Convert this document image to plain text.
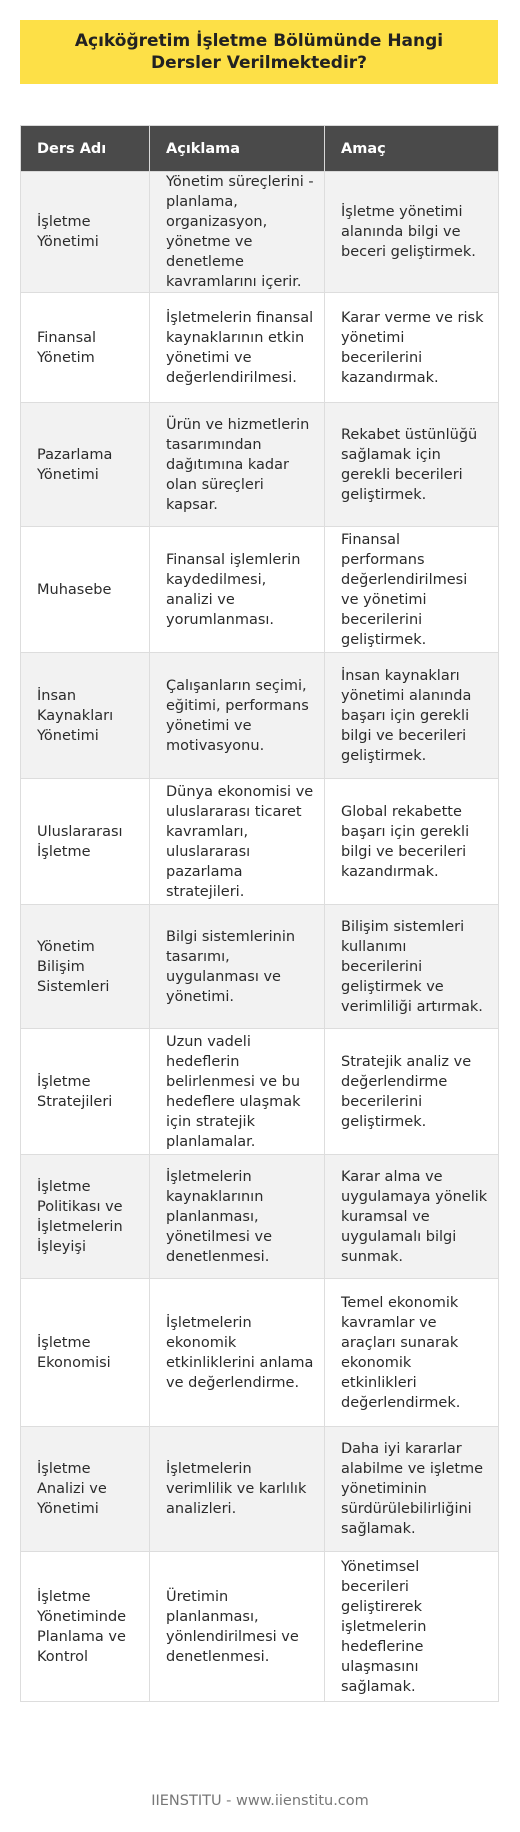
Açıköğretim İşletme Bölümünde Hangi Dersler Verilmektedir?
Ders Adı	Açıklama	Amaç
İşletme Yönetimi	Yönetim süreçlerini - planlama, organizasyon, yönetme ve denetleme kavramlarını içerir.	İşletme yönetimi alanında bilgi ve beceri geliştirmek.
Finansal Yönetim	İşletmelerin finansal kaynaklarının etkin yönetimi ve değerlendirilmesi.	Karar verme ve risk yönetimi becerilerini kazandırmak.
Pazarlama Yönetimi	Ürün ve hizmetlerin tasarımından dağıtımına kadar olan süreçleri kapsar.	Rekabet üstünlüğü sağlamak için gerekli becerileri geliştirmek.
Muhasebe	Finansal işlemlerin kaydedilmesi, analizi ve yorumlanması.	Finansal performans değerlendirilmesi ve yönetimi becerilerini geliştirmek.
İnsan Kaynakları Yönetimi	Çalışanların seçimi, eğitimi, performans yönetimi ve motivasyonu.	İnsan kaynakları yönetimi alanında başarı için gerekli bilgi ve becerileri geliştirmek.
Uluslararası İşletme	Dünya ekonomisi ve uluslararası ticaret kavramları, uluslararası pazarlama stratejileri.	Global rekabette başarı için gerekli bilgi ve becerileri kazandırmak.
Yönetim Bilişim Sistemleri	Bilgi sistemlerinin tasarımı, uygulanması ve yönetimi.	Bilişim sistemleri kullanımı becerilerini geliştirmek ve verimliliği artırmak.
İşletme Stratejileri	Uzun vadeli hedeflerin belirlenmesi ve bu hedeflere ulaşmak için stratejik planlamalar.	Stratejik analiz ve değerlendirme becerilerini geliştirmek.
İşletme Politikası ve İşletmelerin İşleyişi	İşletmelerin kaynaklarının planlanması, yönetilmesi ve denetlenmesi.	Karar alma ve uygulamaya yönelik kuramsal ve uygulamalı bilgi sunmak.
İşletme Ekonomisi	İşletmelerin ekonomik etkinliklerini anlama ve değerlendirme.	Temel ekonomik kavramlar ve araçları sunarak ekonomik etkinlikleri değerlendirmek.
İşletme Analizi ve Yönetimi	İşletmelerin verimlilik ve karlılık analizleri.	Daha iyi kararlar alabilme ve işletme yönetiminin sürdürülebilirliğini sağlamak.
İşletme Yönetiminde Planlama ve Kontrol	Üretimin planlanması, yönlendirilmesi ve denetlenmesi.	Yönetimsel becerileri geliştirerek işletmelerin hedeflerine ulaşmasını sağlamak.
IIENSTITU - www.iienstitu.com
